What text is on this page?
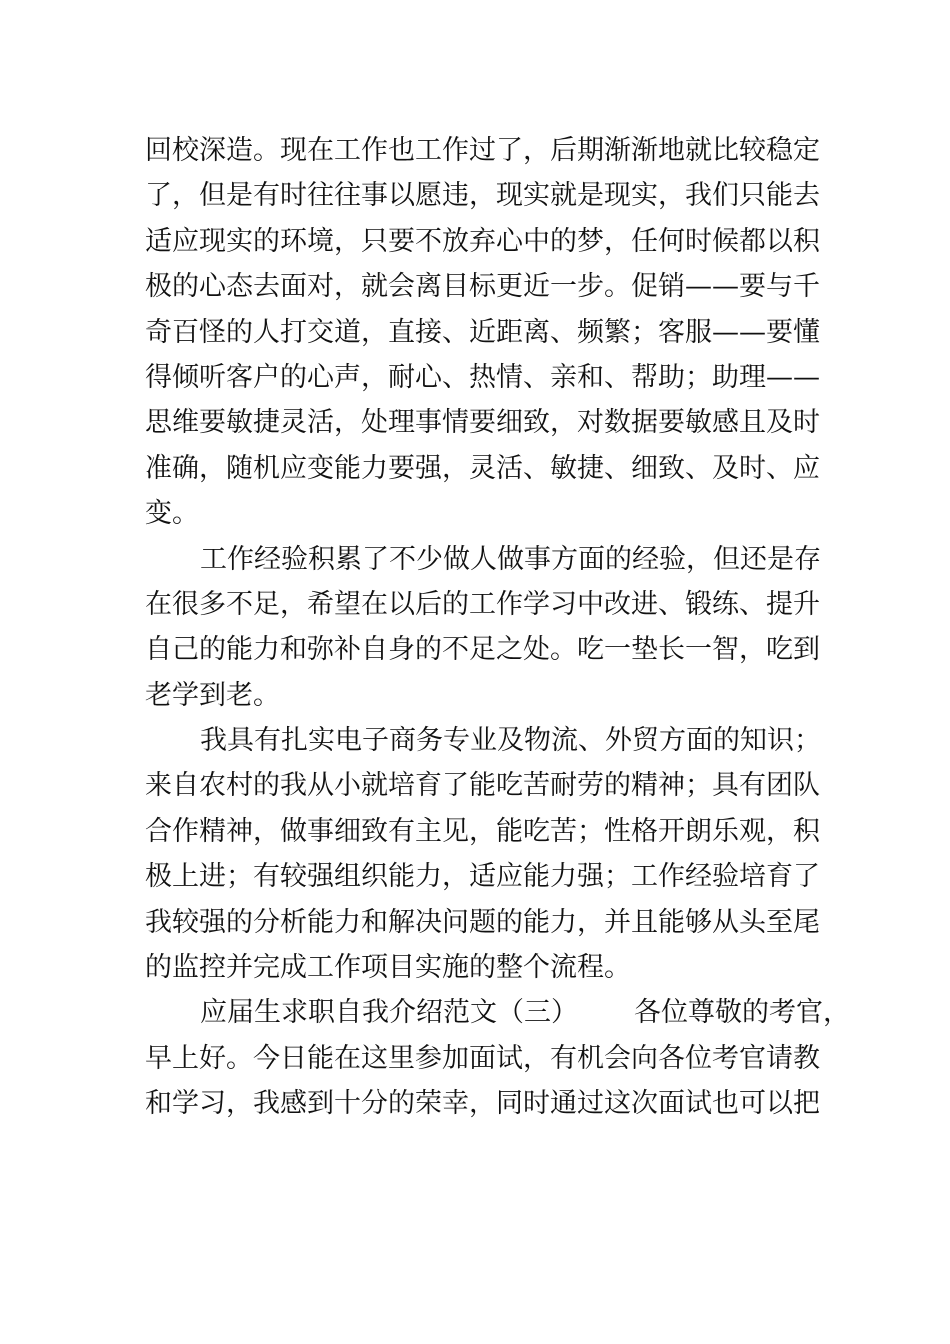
回校深造。现在工作也工作过了，后期渐渐地就比较稳定
了，但是有时往往事以愿违，现实就是现实，我们只能去
适应现实的环境，只要不放弃心中的梦，任何时候都以积
极的心态去面对，就会离目标更近一步。促销——要与千
奇百怪的人打交道，直接、近距离、频繁；客服——要懂
得倾听客户的心声，耐心、热情、亲和、帮助；助理——
思维要敏捷灵活，处理事情要细致，对数据要敏感且及时
准确，随机应变能力要强，灵活、敏捷、细致、及时、应
变。
工作经验积累了不少做人做事方面的经验，但还是存
在很多不足，希望在以后的工作学习中改进、锻练、提升
自己的能力和弥补自身的不足之处。吃一垫长一智，吃到
老学到老。
我具有扎实电子商务专业及物流、外贸方面的知识；
来自农村的我从小就培育了能吃苦耐劳的精神；具有团队
合作精神，做事细致有主见，能吃苦；性格开朗乐观，积
极上进；有较强组织能力，适应能力强；工作经验培育了
我较强的分析能力和解决问题的能力，并且能够从头至尾
的监控并完成工作项目实施的整个流程。
应届生求职自我介绍范文（三） 各位尊敬的考官，
早上好。今日能在这里参加面试，有机会向各位考官请教
和学习，我感到十分的荣幸，同时通过这次面试也可以把
